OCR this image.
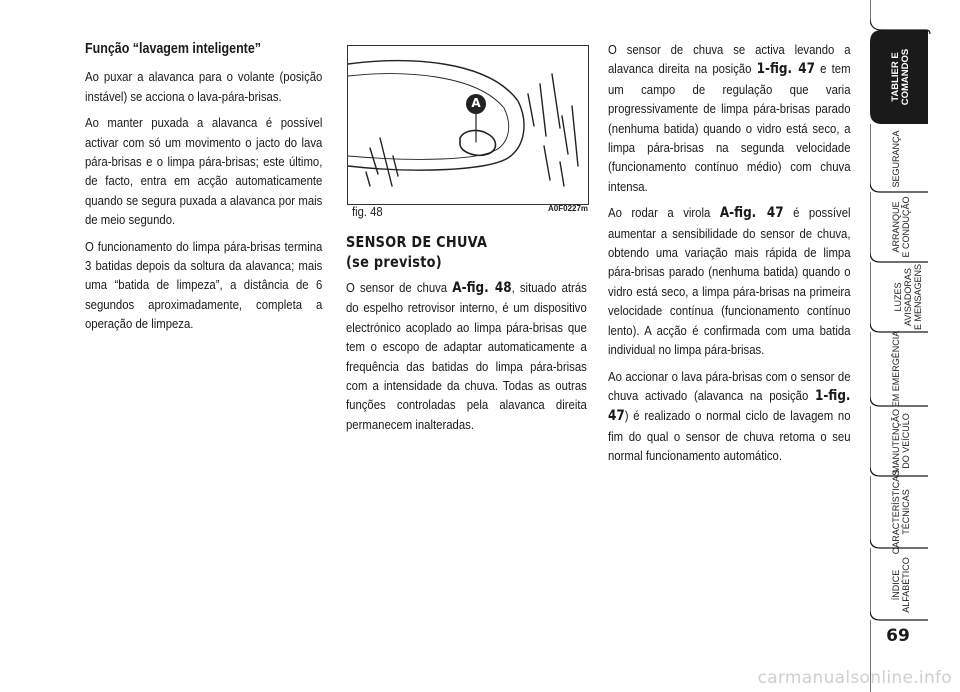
Função “lavagem inteligente”

Ao puxar a alavanca para o volante (posição instável) se acciona o lava-pára-brisas.

Ao manter puxada a alavanca é possível activar com só um movimento o jacto do lava pára-brisas e o limpa pára-brisas; este último, de facto, entra em acção automaticamente quando se segura puxada a alavanca por mais de meio segundo.

O funcionamento do limpa pára-brisas termina 3 batidas depois da soltura da alavanca; mais uma “batida de limpeza”, a distância de 6 segundos aproximadamente, completa a operação de limpeza.

A
fig. 48	A0F0227m

SENSOR DE CHUVA
(se previsto)

O sensor de chuva A-fig. 48, situado atrás do espelho retrovisor interno, é um dispositivo electrónico acoplado ao limpa pára-brisas que tem o escopo de adaptar automaticamente a frequência das batidas do limpa pára-brisas com a intensidade da chuva. Todas as outras funções controladas pela alavanca direita permanecem inalteradas.

O sensor de chuva se activa levando a alavanca direita na posição 1-fig. 47 e tem um campo de regulação que varia progressivamente de limpa pára-brisas parado (nenhuma batida) quando o vidro está seco, a limpa pára-brisas na segunda velocidade (funcionamento contínuo médio) com chuva intensa.

Ao rodar a virola A-fig. 47 é possível aumentar a sensibilidade do sensor de chuva, obtendo uma variação mais rápida de limpa pára-brisas parado (nenhuma batida) quando o vidro está seco, a limpa pára-brisas na primeira velocidade contínua (funcionamento contínuo lento). A acção é confirmada com uma batida individual no limpa pára-brisas.

Ao accionar o lava pára-brisas com o sensor de chuva activado (alavanca na posição 1-fig. 47) é realizado o normal ciclo de lavagem no fim do qual o sensor de chuva retoma o seu normal funcionamento automático.

TABLIER E
COMANDOS
SEGURANÇA
ARRANQUE
E CONDUÇÃO
LUZES
AVISADORAS
E MENSAGENS
EM EMERGÊNCIA
MANUTENÇÃO
DO VEÍCULO
CARACTERÍSTICAS
TÉCNICAS
ÍNDICE
ALFABÉTICO
69
carmanualsonline.info
